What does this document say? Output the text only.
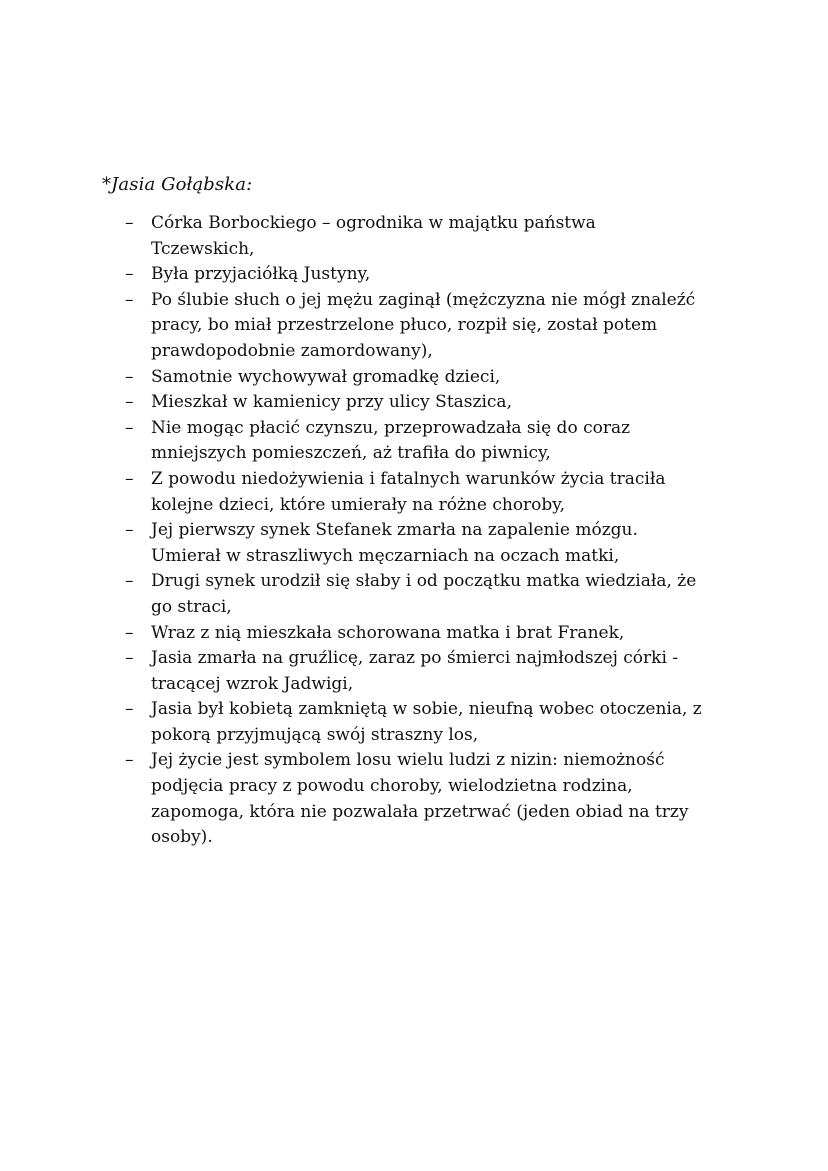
*Jasia Gołąbska:
–	Córka Borbockiego – ogrodnika w majątku państwa
Tczewskich,
–	Była przyjaciółką Justyny,
–	Po ślubie słuch o jej mężu zaginął (mężczyzna nie mógł znaleźć
pracy, bo miał przestrzelone płuco, rozpił się, został potem
prawdopodobnie zamordowany),
–	Samotnie wychowywał gromadkę dzieci,
–	Mieszkał w kamienicy przy ulicy Staszica,
–	Nie mogąc płacić czynszu, przeprowadzała się do coraz
mniejszych pomieszczeń, aż trafiła do piwnicy,
–	Z powodu niedożywienia i fatalnych warunków życia traciła
kolejne dzieci, które umierały na różne choroby,
–	Jej pierwszy synek Stefanek zmarła na zapalenie mózgu.
Umierał w straszliwych męczarniach na oczach matki,
–	Drugi synek urodził się słaby i od początku matka wiedziała, że
go straci,
–	Wraz z nią mieszkała schorowana matka i brat Franek,
–	Jasia zmarła na gruźlicę, zaraz po śmierci najmłodszej córki -
tracącej wzrok Jadwigi,
–	Jasia był kobietą zamkniętą w sobie, nieufną wobec otoczenia, z
pokorą przyjmującą swój straszny los,
–	Jej życie jest symbolem losu wielu ludzi z nizin: niemożność
podjęcia pracy z powodu choroby, wielodzietna rodzina,
zapomoga, która nie pozwalała przetrwać (jeden obiad na trzy
osoby).
